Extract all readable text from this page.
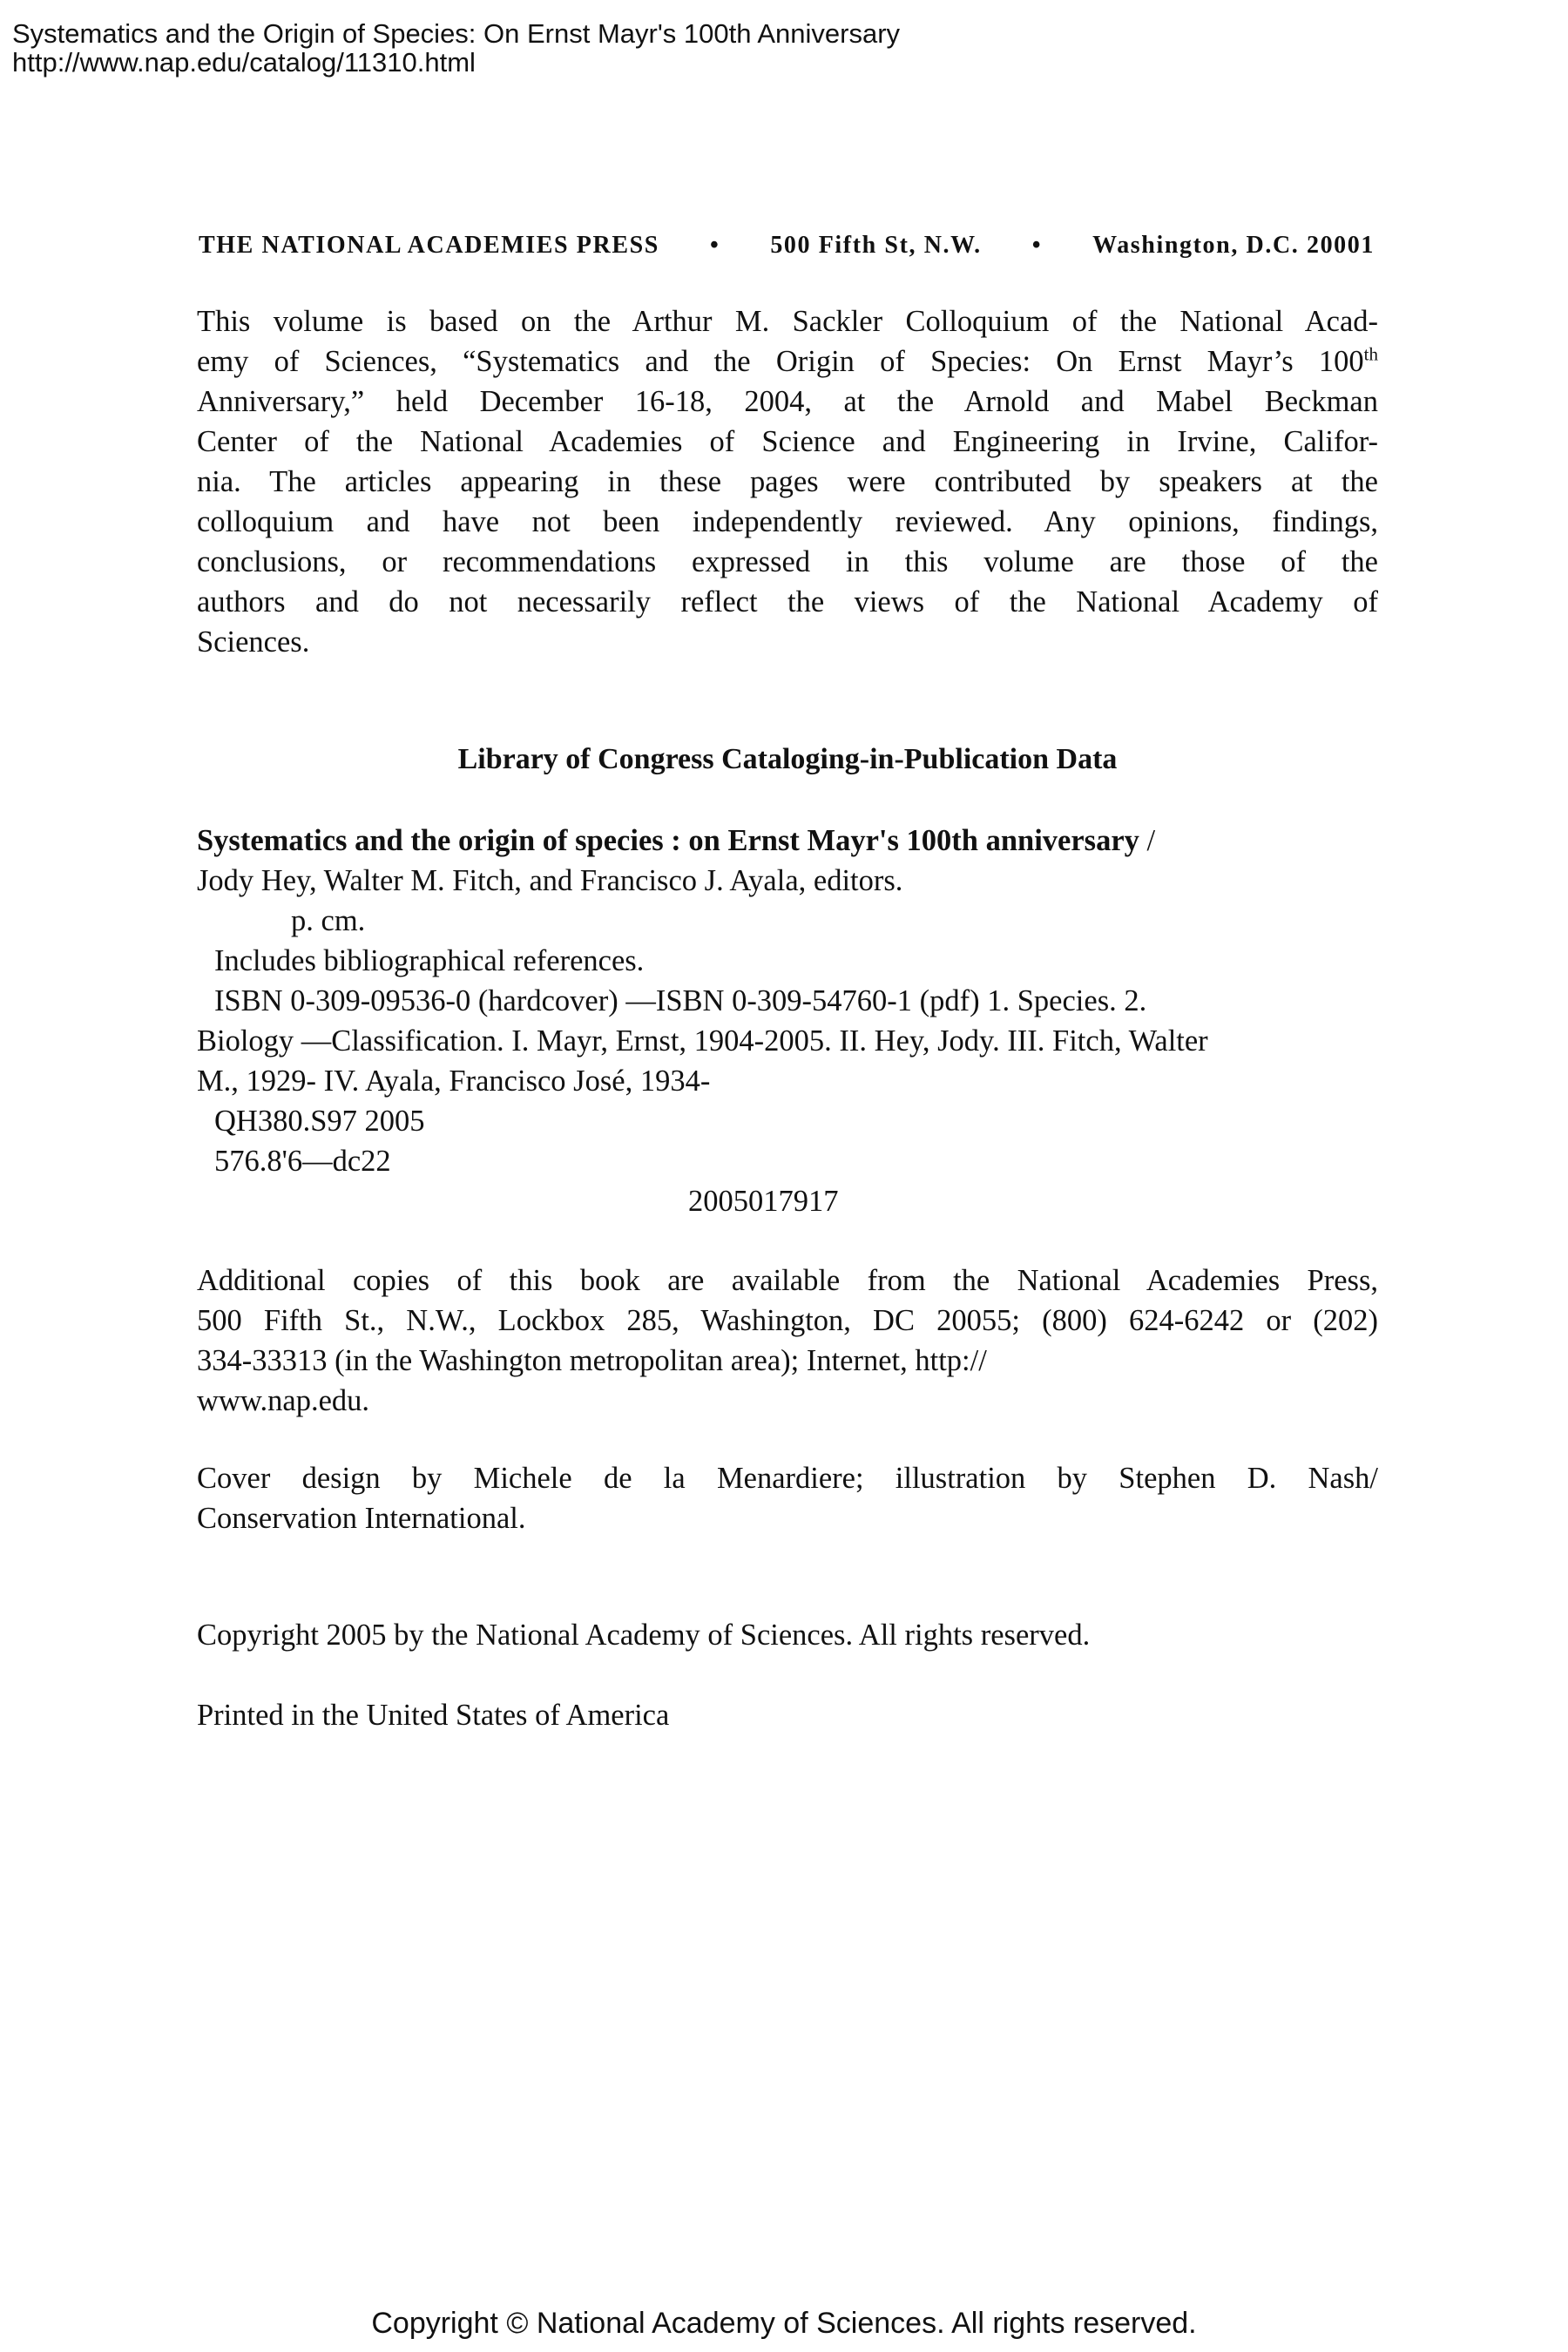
Systematics and the Origin of Species: On Ernst Mayr's 100th Anniversary
http://www.nap.edu/catalog/11310.html
THE NATIONAL ACADEMIES PRESS • 500 Fifth St, N.W. • Washington, D.C. 20001
This volume is based on the Arthur M. Sackler Colloquium of the National Acad-
emy of Sciences, “Systematics and the Origin of Species: On Ernst Mayr’s 100th
Anniversary,” held December 16-18, 2004, at the Arnold and Mabel Beckman
Center of the National Academies of Science and Engineering in Irvine, Califor-
nia. The articles appearing in these pages were contributed by speakers at the
colloquium and have not been independently reviewed. Any opinions, findings,
conclusions, or recommendations expressed in this volume are those of the
authors and do not necessarily reflect the views of the National Academy of
Sciences.
Library of Congress Cataloging-in-Publication Data
Systematics and the origin of species : on Ernst Mayr's 100th anniversary /
Jody Hey, Walter M. Fitch, and Francisco J. Ayala, editors.
p. cm.
Includes bibliographical references.
ISBN 0-309-09536-0 (hardcover) —ISBN 0-309-54760-1 (pdf) 1. Species. 2.
Biology —Classification. I. Mayr, Ernst, 1904-2005. II. Hey, Jody. III. Fitch, Walter
M., 1929- IV. Ayala, Francisco José, 1934-
QH380.S97 2005
576.8'6—dc22
2005017917
Additional copies of this book are available from the National Academies Press,
500 Fifth St., N.W., Lockbox 285, Washington, DC 20055; (800) 624-6242 or (202)
334-33313 (in the Washington metropolitan area); Internet, http://
www.nap.edu.
Cover design by Michele de la Menardiere; illustration by Stephen D. Nash/
Conservation International.
Copyright 2005 by the National Academy of Sciences. All rights reserved.
Printed in the United States of America
Copyright © National Academy of Sciences. All rights reserved.
